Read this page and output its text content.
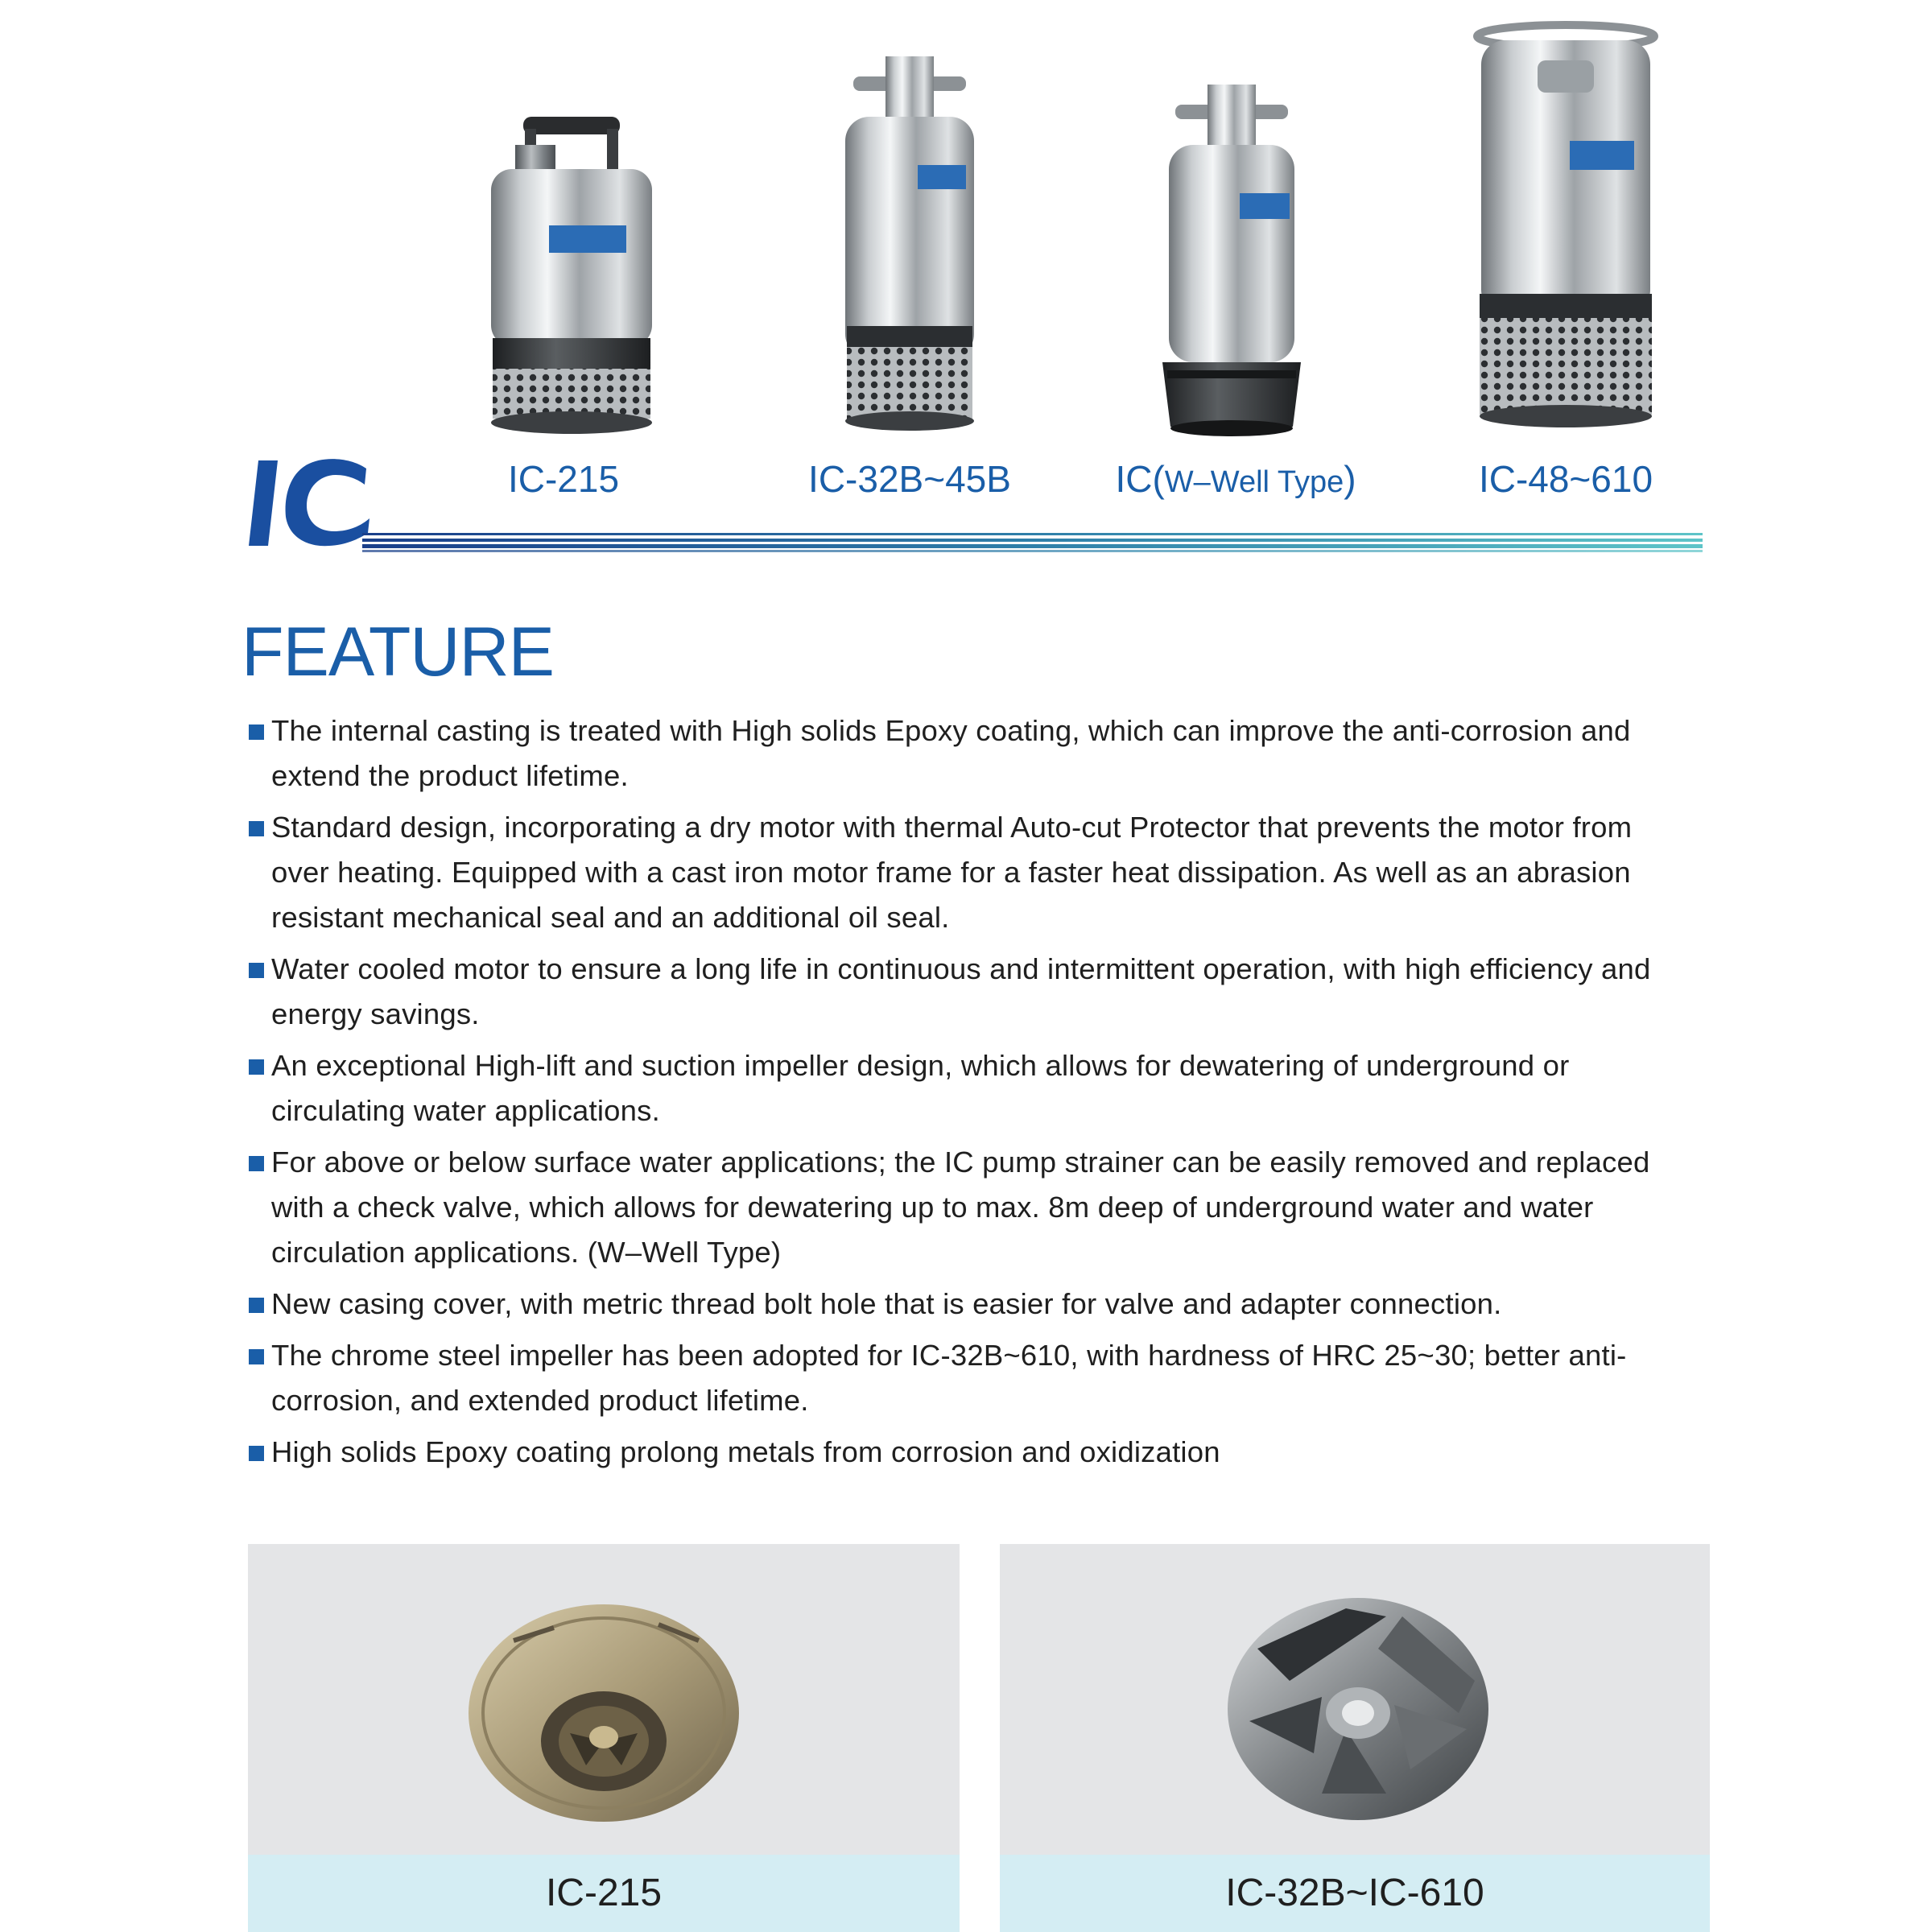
IC-215	IC-32B~45B	IC(W–Well Type)	IC-48~610
FEATURE
The internal casting is treated with High solids Epoxy coating, which can improve the anti-corrosion and extend the product lifetime.
Standard design, incorporating a dry motor with thermal Auto-cut Protector that prevents the motor from over heating. Equipped with a cast iron motor frame for a faster heat dissipation. As well as an abrasion resistant mechanical seal and an additional oil seal.
Water cooled motor to ensure a long life in continuous and intermittent operation, with high efficiency and energy savings.
An exceptional High-lift and suction impeller design, which allows for dewatering of underground or circulating water applications.
For above or below surface water applications; the IC pump strainer can be easily removed and replaced with a check valve, which allows for dewatering up to max. 8m deep of underground water and water circulation applications. (W–Well Type)
New casing cover, with metric thread bolt hole that is easier for valve and adapter connection.
The chrome steel impeller has been adopted for IC-32B~610, with hardness of HRC 25~30; better anti-corrosion, and extended product lifetime.
High solids Epoxy coating prolong metals from corrosion and oxidization
IC-215	IC-32B~IC-610
